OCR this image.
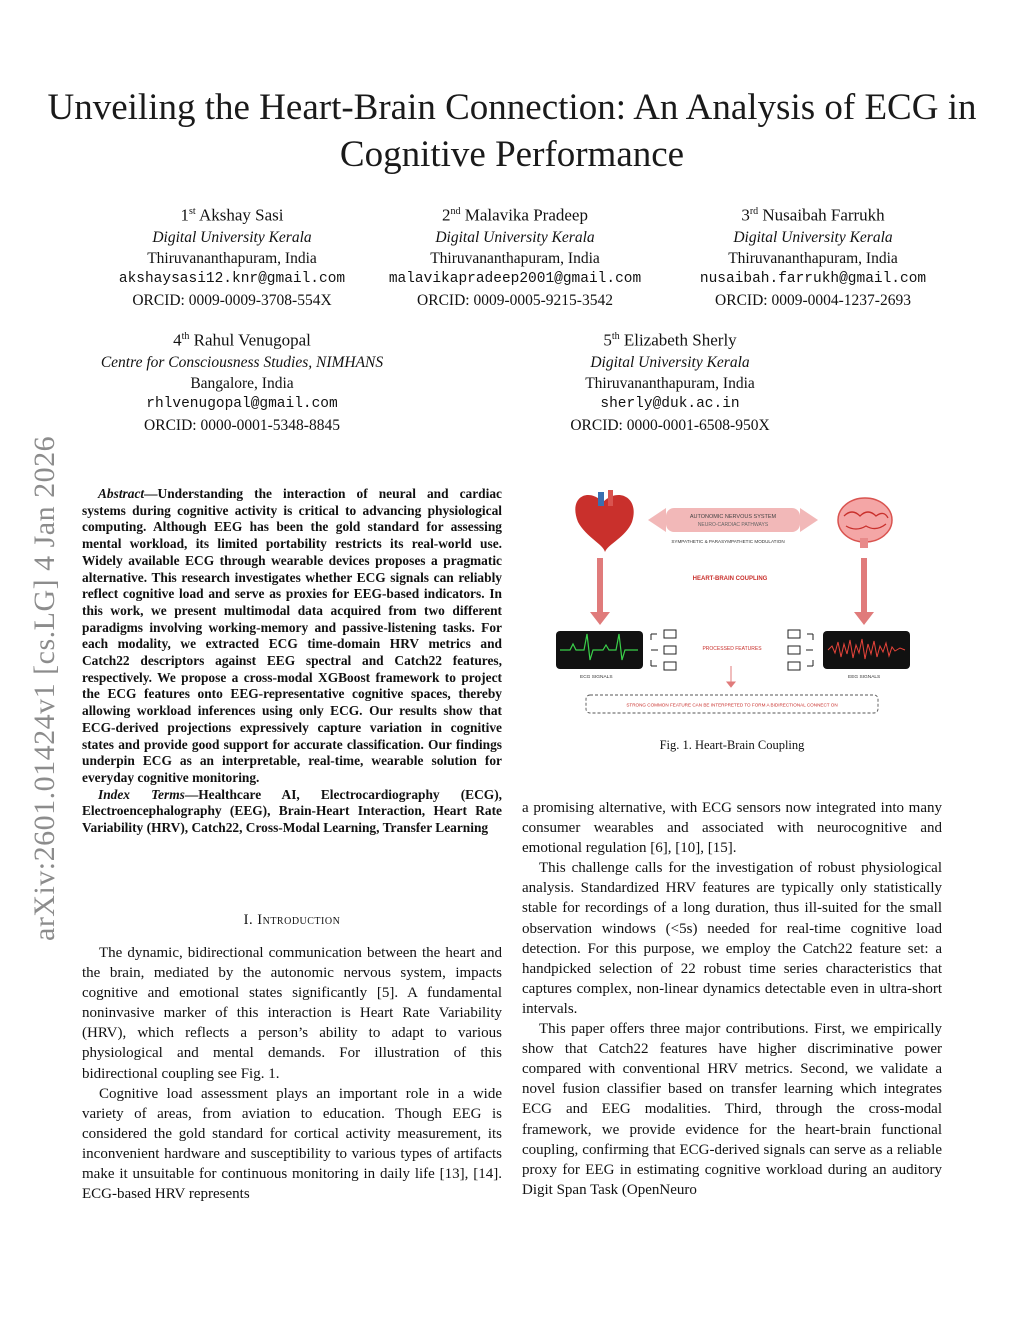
Unveiling the Heart-Brain Connection: An Analysis of ECG in Cognitive Performance
arXiv:2601.01424v1 [cs.LG] 4 Jan 2026
1st Akshay Sasi
Digital University Kerala
Thiruvananthapuram, India
akshaysasi12.knr@gmail.com
ORCID: 0009-0009-3708-554X
2nd Malavika Pradeep
Digital University Kerala
Thiruvananthapuram, India
malavikapradeep2001@gmail.com
ORCID: 0009-0005-9215-3542
3rd Nusaibah Farrukh
Digital University Kerala
Thiruvananthapuram, India
nusaibah.farrukh@gmail.com
ORCID: 0009-0004-1237-2693
4th Rahul Venugopal
Centre for Consciousness Studies, NIMHANS
Bangalore, India
rhlvenugopal@gmail.com
ORCID: 0000-0001-5348-8845
5th Elizabeth Sherly
Digital University Kerala
Thiruvananthapuram, India
sherly@duk.ac.in
ORCID: 0000-0001-6508-950X

Abstract—Understanding the interaction of neural and cardiac systems during cognitive activity is critical to advancing physiological computing. Although EEG has been the gold standard for assessing mental workload, its limited portability restricts its real-world use. Widely available ECG through wearable devices proposes a pragmatic alternative. This research investigates whether ECG signals can reliably reflect cognitive load and serve as proxies for EEG-based indicators. In this work, we present multimodal data acquired from two different paradigms involving working-memory and passive-listening tasks. For each modality, we extracted ECG time-domain HRV metrics and Catch22 descriptors against EEG spectral and Catch22 features, respectively. We propose a cross-modal XGBoost framework to project the ECG features onto EEG-representative cognitive spaces, thereby allowing workload inferences using only ECG. Our results show that ECG-derived projections expressively capture variation in cognitive states and provide good support for accurate classification. Our findings underpin ECG as an interpretable, real-time, wearable solution for everyday cognitive monitoring.

Index Terms—Healthcare AI, Electrocardiography (ECG), Electroencephalography (EEG), Brain-Heart Interaction, Heart Rate Variability (HRV), Catch22, Cross-Modal Learning, Transfer Learning

I. Introduction

The dynamic, bidirectional communication between the heart and the brain, mediated by the autonomic nervous system, impacts cognitive and emotional states significantly [5]. A fundamental noninvasive marker of this interaction is Heart Rate Variability (HRV), which reflects a person’s ability to adapt to various physiological and mental demands. For illustration of this bidirectional coupling see Fig. 1.

Cognitive load assessment plays an important role in a wide variety of areas, from aviation to education. Though EEG is considered the gold standard for cortical activity measurement, its inconvenient hardware and susceptibility to various types of artifacts make it unsuitable for continuous monitoring in daily life [13], [14]. ECG-based HRV represents

AUTONOMIC NERVOUS SYSTEM
NEURO-CARDIAC PATHWAYS
SYMPATHETIC & PARASYMPATHETIC MODULATION
HEART-BRAIN COUPLING
ECG SIGNALS	EEG SIGNALS
PROCESSED FEATURES
STRONG COMMON FEATURE CAN BE INTERPRETED TO FORM A BIDIRECTIONAL CONNECT ON
Fig. 1. Heart-Brain Coupling

a promising alternative, with ECG sensors now integrated into many consumer wearables and associated with neurocognitive and emotional regulation [6], [10], [15].

This challenge calls for the investigation of robust physiological analysis. Standardized HRV features are typically only statistically stable for recordings of a long duration, thus ill-suited for the small observation windows (<5s) needed for real-time cognitive load detection. For this purpose, we employ the Catch22 feature set: a handpicked selection of 22 robust time series characteristics that captures complex, non-linear dynamics detectable even in ultra-short intervals.

This paper offers three major contributions. First, we empirically show that Catch22 features have higher discriminative power compared with conventional HRV metrics. Second, we validate a novel fusion classifier based on transfer learning which integrates ECG and EEG modalities. Third, through the cross-modal framework, we provide evidence for the heart-brain functional coupling, confirming that ECG-derived signals can serve as a reliable proxy for EEG in estimating cognitive workload during an auditory Digit Span Task (OpenNeuro
